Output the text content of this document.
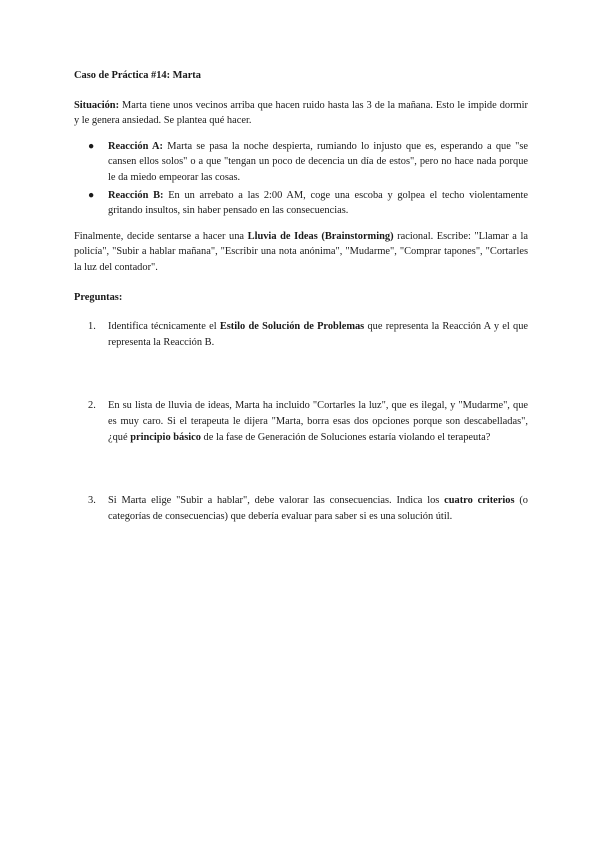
Caso de Práctica #14: Marta

Situación: Marta tiene unos vecinos arriba que hacen ruido hasta las 3 de la mañana. Esto le impide dormir y le genera ansiedad. Se plantea qué hacer.

● Reacción A: Marta se pasa la noche despierta, rumiando lo injusto que es, esperando a que "se cansen ellos solos" o a que "tengan un poco de decencia un día de estos", pero no hace nada porque le da miedo empeorar las cosas.
● Reacción B: En un arrebato a las 2:00 AM, coge una escoba y golpea el techo violentamente gritando insultos, sin haber pensado en las consecuencias.

Finalmente, decide sentarse a hacer una Lluvia de Ideas (Brainstorming) racional. Escribe: "Llamar a la policía", "Subir a hablar mañana", "Escribir una nota anónima", "Mudarme", "Comprar tapones", "Cortarles la luz del contador".

Preguntas:

1. Identifica técnicamente el Estilo de Solución de Problemas que representa la Reacción A y el que representa la Reacción B.
2. En su lista de lluvia de ideas, Marta ha incluido "Cortarles la luz", que es ilegal, y "Mudarme", que es muy caro. Si el terapeuta le dijera "Marta, borra esas dos opciones porque son descabelladas", ¿qué principio básico de la fase de Generación de Soluciones estaría violando el terapeuta?
3. Si Marta elige "Subir a hablar", debe valorar las consecuencias. Indica los cuatro criterios (o categorías de consecuencias) que debería evaluar para saber si es una solución útil.
